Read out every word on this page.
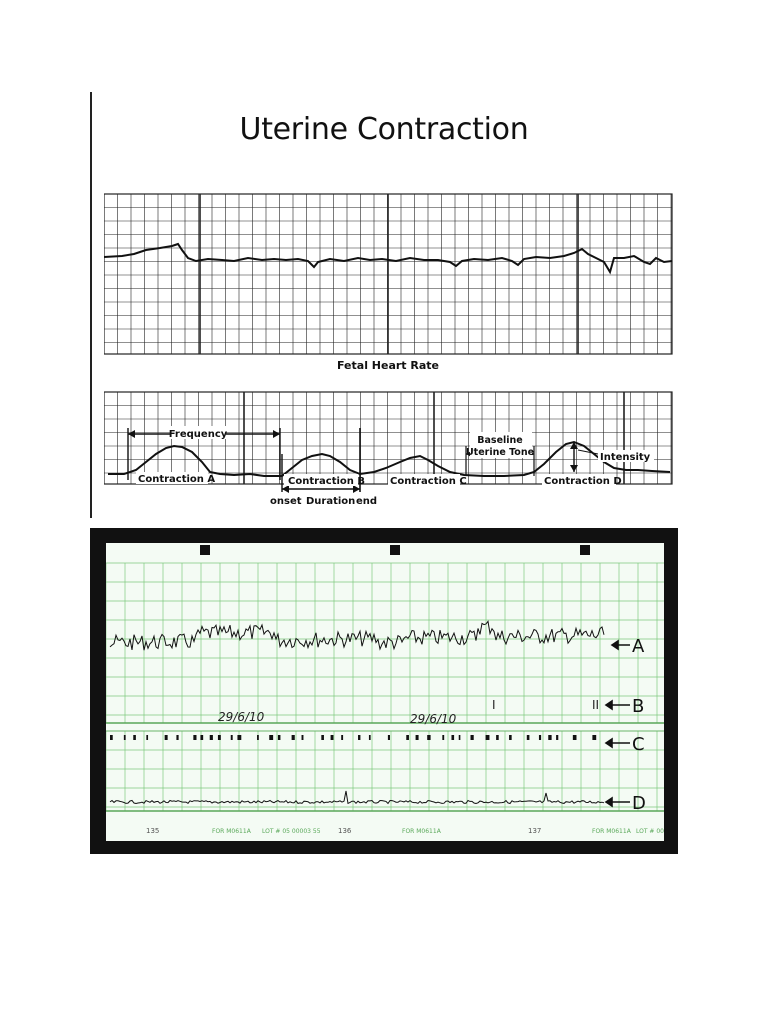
Uterine Contraction
Fetal Heart Rate
Frequency
Baseline
Uterine Tone	Intensity
Contraction A	Contraction B Contraction C	Contraction D
onset Duration end
29/6/10	29/6/10
I	II
A
B
C
D
135	136	137
FOR M0611A LOT # 05 00003 55	FOR M0611A	FOR M0611A LOT # 00
